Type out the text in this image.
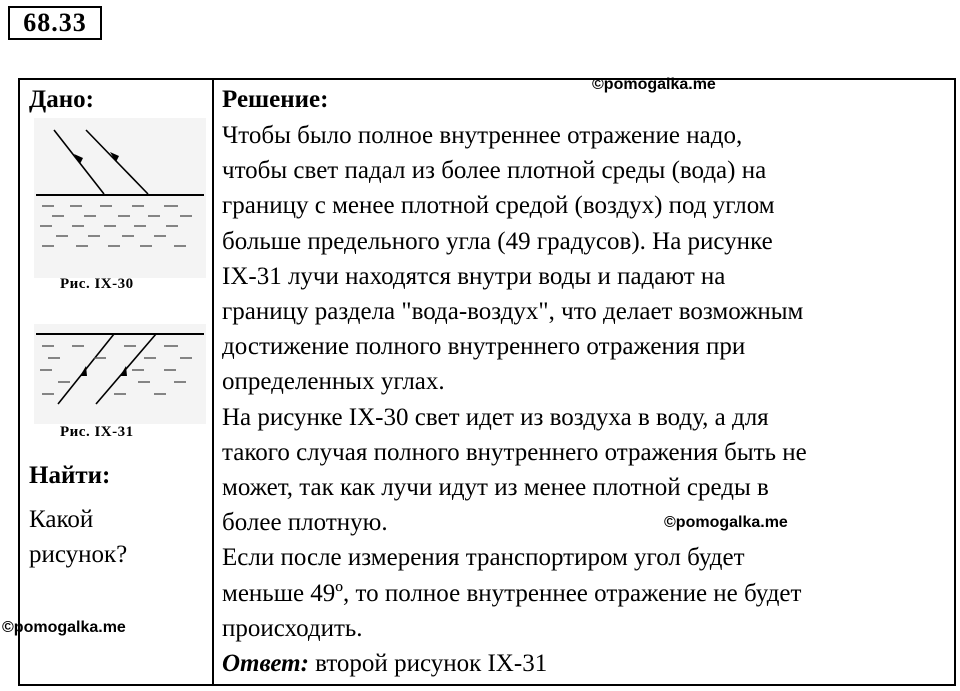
68.33
©pomogalka.me
Дано:
Рис. IX-30
Рис. IX-31
Найти:
Какой
рисунок?
Решение:

Чтобы было полное внутреннее отражение надо,

чтобы свет падал из более плотной среды (вода) на

границу с менее плотной средой (воздух) под углом

больше предельного угла (49 градусов). На рисунке

IX-31 лучи находятся внутри воды и падают на

границу раздела "вода-воздух", что делает возможным

достижение полного внутреннего отражения при

определенных углах.

На рисунке IX-30 свет идет из воздуха в воду, а для

такого случая полного внутреннего отражения быть не

может, так как лучи идут из менее плотной среды в

более плотную.

Если после измерения транспортиром угол будет

меньше 49º, то полное внутреннее отражение не будет

происходить.

Ответ: второй рисунок IX-31

©pomogalka.me
©pomogalka.me
